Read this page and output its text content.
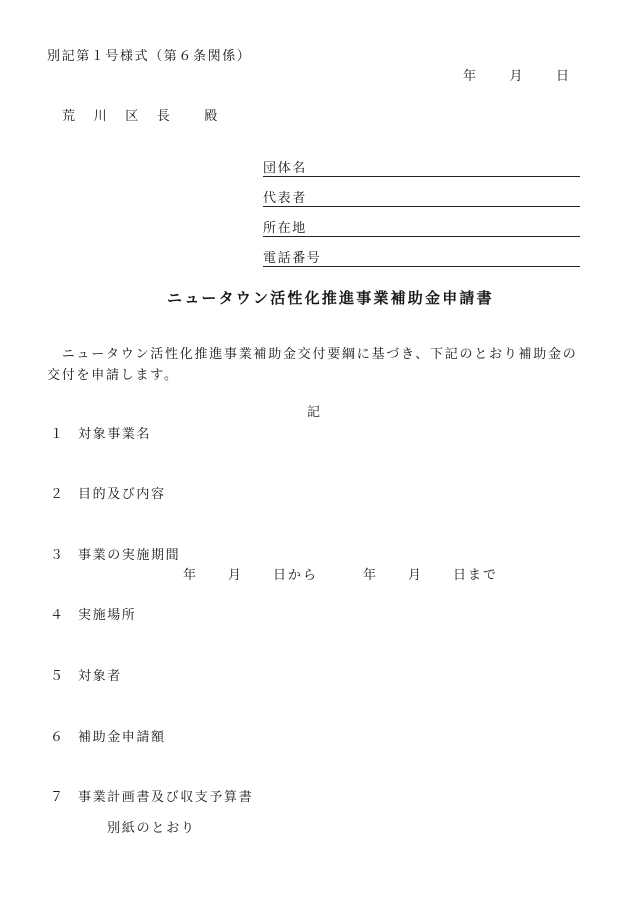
別記第１号様式（第６条関係）
年　　月　　日
荒　川　区　長　　殿
団体名
代表者
所在地
電話番号
ニュータウン活性化推進事業補助金申請書
　ニュータウン活性化推進事業補助金交付要綱に基づき、下記のとおり補助金の
交付を申請します。
記
１ 対象事業名
２ 目的及び内容
３ 事業の実施期間
年　　月　　日から　　　年　　月　　日まで
４ 実施場所
５ 対象者
６ 補助金申請額
７ 事業計画書及び収支予算書
別紙のとおり
